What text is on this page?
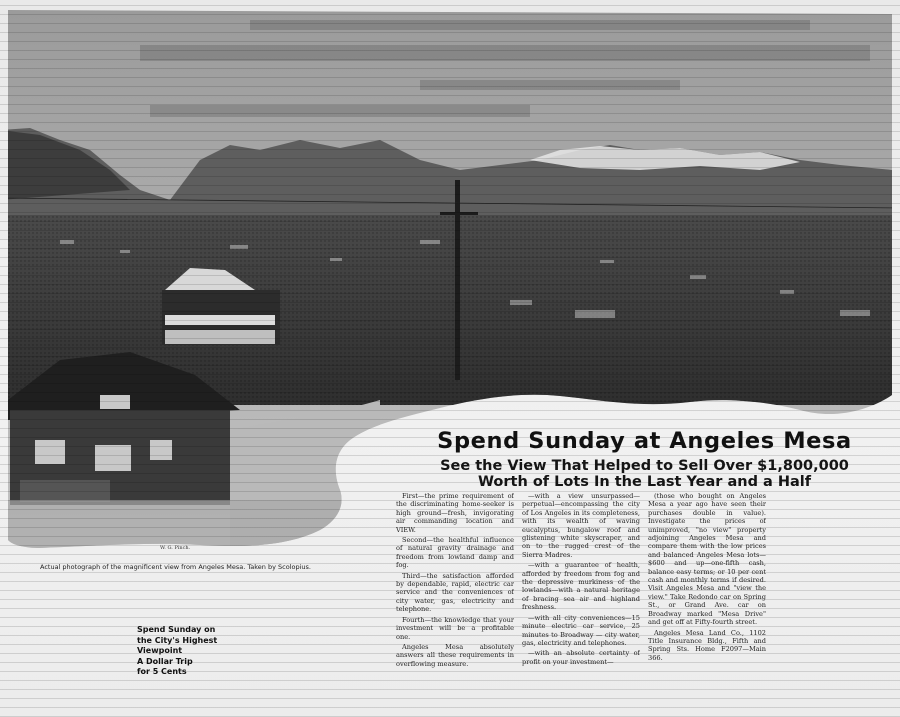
Spend Sunday at Angeles Mesa
See the View That Helped to Sell Over $1,800,000
Worth of Lots In the Last Year and a Half
W. G. Pinch.
Actual photograph of the magnificent view from Angeles Mesa. Taken by Scolopius.
Spend Sunday on
the City's Highest
Viewpoint
A Dollar Trip
for 5 Cents

First—the prime requirement of the discriminating home-seeker is high ground—fresh, invigorating air commanding location and VIEW.

Second—the healthful influence of natural gravity drainage and freedom from lowland damp and fog.

Third—the satisfaction afforded by dependable, rapid, electric car service and the conveniences of city water, gas, electricity and telephone.

Fourth—the knowledge that your investment will be a profitable one.

Angeles Mesa absolutely answers all these requirements in overflowing measure.

—with a view unsurpassed—perpetual—encompassing the city of Los Angeles in its completeness, with its wealth of waving eucalyptus, bungalow roof and glistening white skyscraper, and on to the rugged crest of the Sierra Madres.

—with a guarantee of health, afforded by freedom from fog and the depressive murkiness of the lowlands—with a natural heritage of bracing sea air and highland freshness.

—with all city conveniences—15 minute electric car service, 25 minutes to Broadway — city water, gas, electricity and telephones.

—with an absolute certainty of profit on your investment—

(those who bought on Angeles Mesa a year ago have seen their purchases double in value). Investigate the prices of unimproved, "no view" property adjoining Angeles Mesa and compare them with the low prices and balanced Angeles Mesa lots—$600 and up—one-fifth cash, balance easy terms; or 10 per cent cash and monthly terms if desired. Visit Angeles Mesa and "view the view." Take Redondo car on Spring St., or Grand Ave. car on Broadway marked "Mesa Drive" and get off at Fifty-fourth street.

Angeles Mesa Land Co., 1102 Title Insurance Bldg., Fifth and Spring Sts. Home F2097—Main 366.
